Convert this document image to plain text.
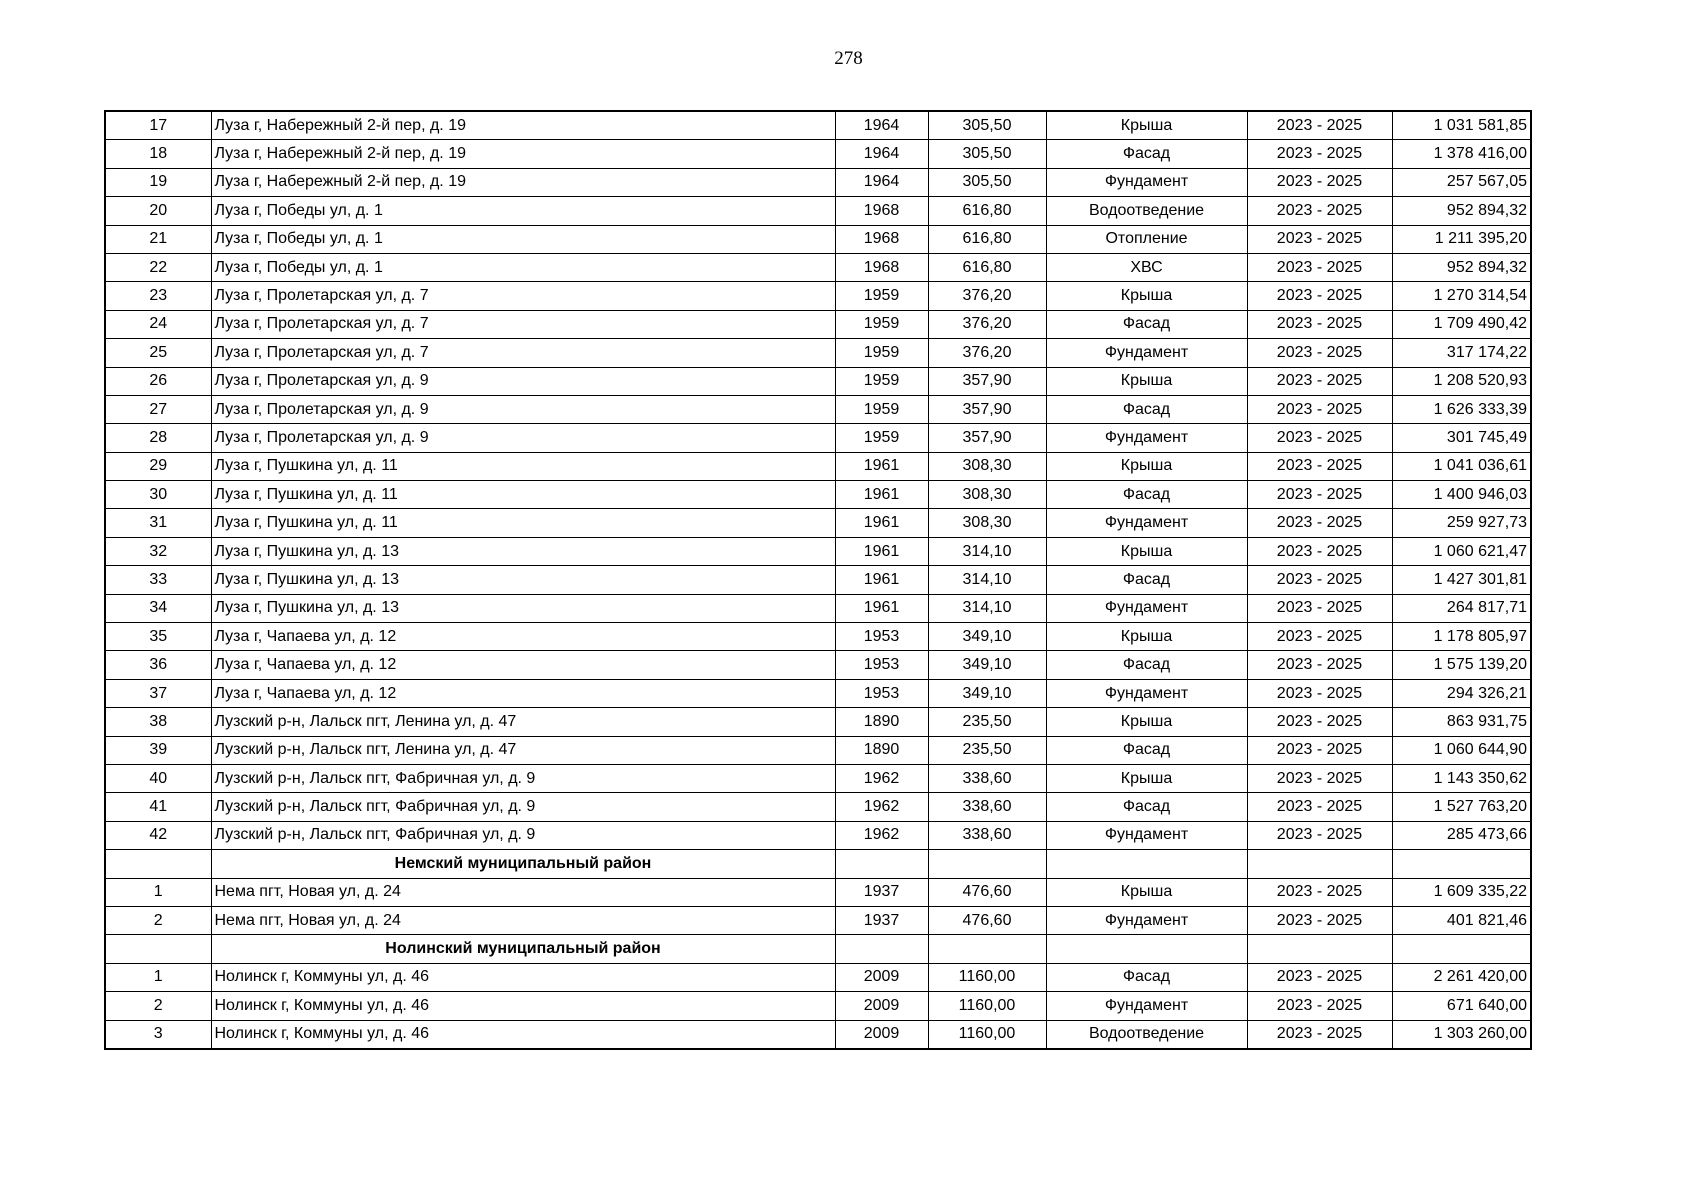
278
17	Луза г, Набережный 2-й пер, д. 19	1964	305,50	Крыша	2023 - 2025	1 031 581,85
18	Луза г, Набережный 2-й пер, д. 19	1964	305,50	Фасад	2023 - 2025	1 378 416,00
19	Луза г, Набережный 2-й пер, д. 19	1964	305,50	Фундамент	2023 - 2025	257 567,05
20	Луза г, Победы ул, д. 1	1968	616,80	Водоотведение	2023 - 2025	952 894,32
21	Луза г, Победы ул, д. 1	1968	616,80	Отопление	2023 - 2025	1 211 395,20
22	Луза г, Победы ул, д. 1	1968	616,80	ХВС	2023 - 2025	952 894,32
23	Луза г, Пролетарская ул, д. 7	1959	376,20	Крыша	2023 - 2025	1 270 314,54
24	Луза г, Пролетарская ул, д. 7	1959	376,20	Фасад	2023 - 2025	1 709 490,42
25	Луза г, Пролетарская ул, д. 7	1959	376,20	Фундамент	2023 - 2025	317 174,22
26	Луза г, Пролетарская ул, д. 9	1959	357,90	Крыша	2023 - 2025	1 208 520,93
27	Луза г, Пролетарская ул, д. 9	1959	357,90	Фасад	2023 - 2025	1 626 333,39
28	Луза г, Пролетарская ул, д. 9	1959	357,90	Фундамент	2023 - 2025	301 745,49
29	Луза г, Пушкина ул, д. 11	1961	308,30	Крыша	2023 - 2025	1 041 036,61
30	Луза г, Пушкина ул, д. 11	1961	308,30	Фасад	2023 - 2025	1 400 946,03
31	Луза г, Пушкина ул, д. 11	1961	308,30	Фундамент	2023 - 2025	259 927,73
32	Луза г, Пушкина ул, д. 13	1961	314,10	Крыша	2023 - 2025	1 060 621,47
33	Луза г, Пушкина ул, д. 13	1961	314,10	Фасад	2023 - 2025	1 427 301,81
34	Луза г, Пушкина ул, д. 13	1961	314,10	Фундамент	2023 - 2025	264 817,71
35	Луза г, Чапаева ул, д. 12	1953	349,10	Крыша	2023 - 2025	1 178 805,97
36	Луза г, Чапаева ул, д. 12	1953	349,10	Фасад	2023 - 2025	1 575 139,20
37	Луза г, Чапаева ул, д. 12	1953	349,10	Фундамент	2023 - 2025	294 326,21
38	Лузский р-н, Лальск пгт, Ленина ул, д. 47	1890	235,50	Крыша	2023 - 2025	863 931,75
39	Лузский р-н, Лальск пгт, Ленина ул, д. 47	1890	235,50	Фасад	2023 - 2025	1 060 644,90
40	Лузский р-н, Лальск пгт, Фабричная ул, д. 9	1962	338,60	Крыша	2023 - 2025	1 143 350,62
41	Лузский р-н, Лальск пгт, Фабричная ул, д. 9	1962	338,60	Фасад	2023 - 2025	1 527 763,20
42	Лузский р-н, Лальск пгт, Фабричная ул, д. 9	1962	338,60	Фундамент	2023 - 2025	285 473,66
	Немский муниципальный район					
1	Нема пгт, Новая ул, д. 24	1937	476,60	Крыша	2023 - 2025	1 609 335,22
2	Нема пгт, Новая ул, д. 24	1937	476,60	Фундамент	2023 - 2025	401 821,46
	Нолинский муниципальный район					
1	Нолинск г, Коммуны ул, д. 46	2009	1160,00	Фасад	2023 - 2025	2 261 420,00
2	Нолинск г, Коммуны ул, д. 46	2009	1160,00	Фундамент	2023 - 2025	671 640,00
3	Нолинск г, Коммуны ул, д. 46	2009	1160,00	Водоотведение	2023 - 2025	1 303 260,00
